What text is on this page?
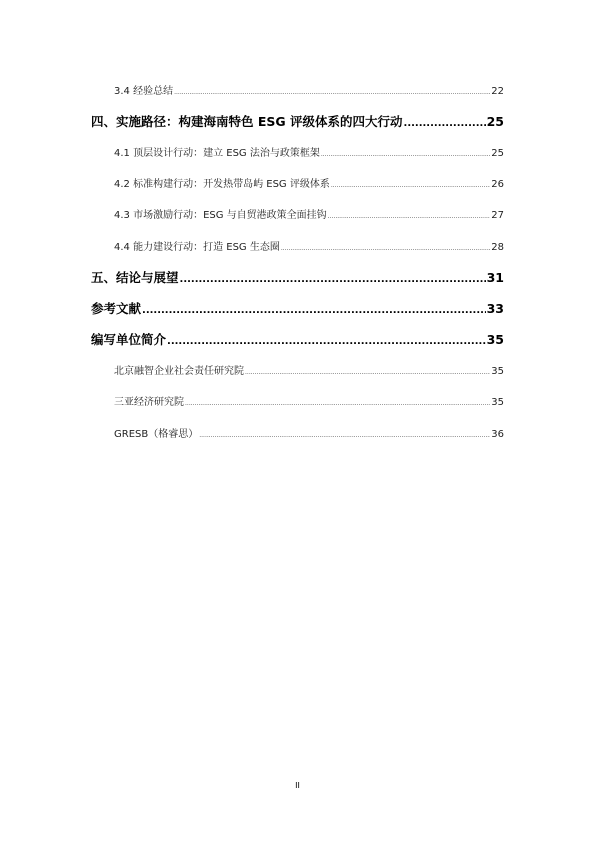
3.4 经验总结 .....	22
四、实施路径：构建海南特色 ESG 评级体系的四大行动 .....	25
4.1 顶层设计行动：建立 ESG 法治与政策框架 .....	25
4.2 标准构建行动：开发热带岛屿 ESG 评级体系 .....	26
4.3 市场激励行动：ESG 与自贸港政策全面挂钩 .....	27
4.4 能力建设行动：打造 ESG 生态圈 .....	28
五、结论与展望 .....	31
参考文献 .....	33
编写单位简介 .....	35
北京融智企业社会责任研究院 .....	35
三亚经济研究院 .....	35
GRESB（格睿思） .....	36
II
